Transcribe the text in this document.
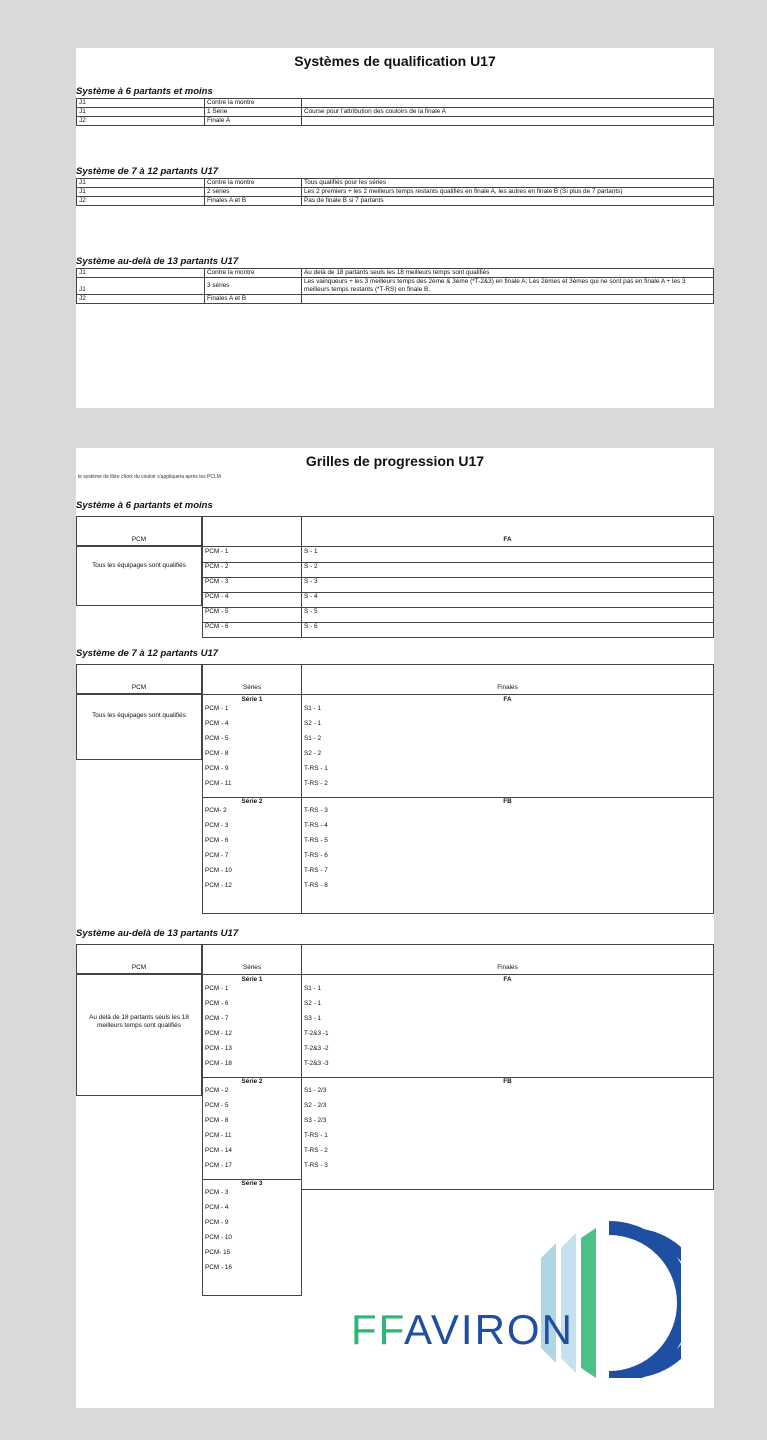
Systèmes de qualification U17
Système à 6 partants et moins
J1	Contre la montre	
J1	1 Série	Course pour l'attribution des couloirs de la finale A
J2	Finale A	
Système de 7 à 12 partants U17
J1	Contre la montre	Tous qualifiés pour les séries
J1	2 séries	Les 2 premiers + les 2 meilleurs temps restants qualifiés en finale A, les autres en finale B (Si plus de 7 partants)
J2	Finales A et B	Pas de finale B si 7 partants
Système au-delà de 13 partants U17
J1	Contre la montre	Au delà de 18 partants seuls les 18 meilleurs temps sont qualifiés
J1	3 séries	Les vainqueurs + les 3 meilleurs temps des 2ème & 3ème (*T-2&3) en finale A; Les 2èmes et 3èmes qui ne sont pas en finale A + les 3 meilleurs temps restants (*T-RS) en finale B.
J2	Finales A et B	
Grilles de progression U17
le système de libre choix du couloir s'appliquera après les PCLM
Système à 6 partants et moins
PCM	FA
Tous les équipages sont qualifiés
PCM - 1	S - 1
PCM - 2	S - 2
PCM - 3	S - 3
PCM - 4	S - 4
PCM - 5	S - 5
PCM - 6	S - 6
Système de 7 à 12 partants U17
PCM	Séries	Finales
Tous les équipages sont qualifiés
Série 1	FA
PCM - 1	S1 - 1
PCM - 4	S2 - 1
PCM - 5	S1 - 2
PCM - 8	S2 - 2
PCM - 9	T-RS - 1
PCM - 11	T-RS - 2
Série 2	FB
PCM- 2	T-RS - 3
PCM - 3	T-RS - 4
PCM - 6	T-RS - 5
PCM - 7	T-RS - 6
PCM - 10	T-RS - 7
PCM - 12	T-RS - 8
Système au-delà de 13 partants U17
PCM	Séries	Finales
Au delà de 18 partants seuls les 18 meilleurs temps sont qualifiés
Série 1	FA
PCM - 1	S1 - 1
PCM - 6	S2 - 1
PCM - 7	S3 - 1
PCM - 12	T-2&3 -1
PCM - 13	T-2&3 -2
PCM - 18	T-2&3 -3
Série 2	FB
PCM - 2	S1 - 2/3
PCM - 5	S2 - 2/3
PCM - 8	S3 - 2/3
PCM - 11	T-RS - 1
PCM - 14	T-RS - 2
PCM - 17	T-RS - 3
Série 3
PCM - 3
PCM - 4
PCM - 9
PCM - 10
PCM- 15
PCM - 16
FFAVIRON
